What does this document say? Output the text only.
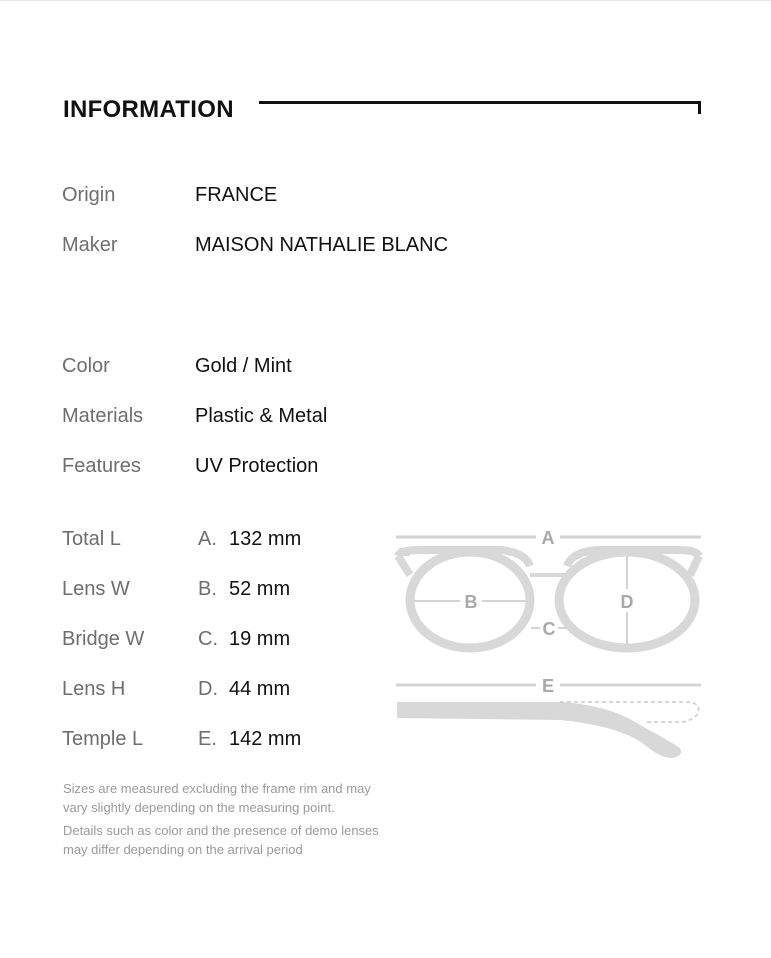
INFORMATION
Origin	FRANCE
Maker	MAISON NATHALIE BLANC
Color	Gold / Mint
Materials	Plastic & Metal
Features	UV Protection
Total L	A. 132 mm
Lens W	B. 52 mm
Bridge W	C. 19 mm
Lens H	D. 44 mm
Temple L	E. 142 mm
A
B
C
D
E
Sizes are measured excluding the frame rim and may vary slightly depending on the measuring point.
Details such as color and the presence of demo lenses may differ depending on the arrival period
